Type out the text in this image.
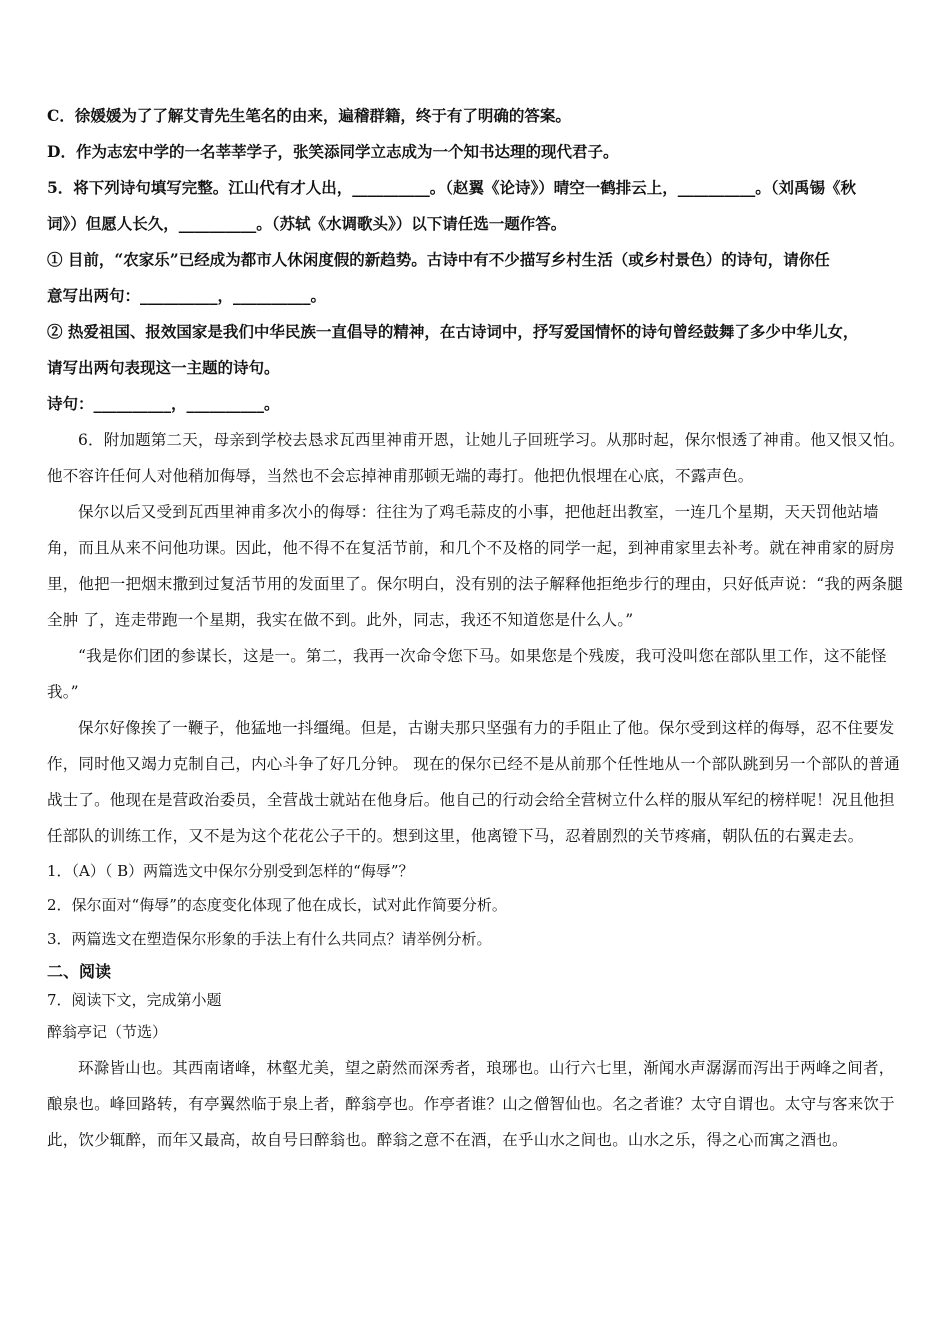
C．徐媛媛为了了解艾青先生笔名的由来，遍稽群籍，终于有了明确的答案。
D．作为志宏中学的一名莘莘学子，张笑添同学立志成为一个知书达理的现代君子。
5．将下列诗句填写完整。江山代有才人出，__________。（赵翼《论诗》）晴空一鹤排云上，__________。（刘禹锡《秋
词》）但愿人长久，__________。（苏轼《水调歌头》）以下请任选一题作答。
① 目前，“农家乐”已经成为都市人休闲度假的新趋势。古诗中有不少描写乡村生活（或乡村景色）的诗句，请你任
意写出两句：__________，__________。
② 热爱祖国、报效国家是我们中华民族一直倡导的精神，在古诗词中，抒写爱国情怀的诗句曾经鼓舞了多少中华儿女，
请写出两句表现这一主题的诗句。
诗句：__________，__________。
6．附加题第二天，母亲到学校去恳求瓦西里神甫开恩，让她儿子回班学习。从那时起，保尔恨透了神甫。他又恨又怕。他不容许任何人对他稍加侮辱，当然也不会忘掉神甫那顿无端的毒打。他把仇恨埋在心底，不露声色。
保尔以后又受到瓦西里神甫多次小的侮辱：往往为了鸡毛蒜皮的小事，把他赶出教室，一连几个星期，天天罚他站墙角，而且从来不问他功课。因此，他不得不在复活节前，和几个不及格的同学一起，到神甫家里去补考。就在神甫家的厨房里，他把一把烟末撒到过复活节用的发面里了。保尔明白，没有别的法子解释他拒绝步行的理由，只好低声说：“我的两条腿全肿 了，连走带跑一个星期，我实在做不到。此外，同志，我还不知道您是什么人。”
“我是你们团的参谋长，这是一。第二，我再一次命令您下马。如果您是个残废，我可没叫您在部队里工作，这不能怪我。”
保尔好像挨了一鞭子，他猛地一抖缰绳。但是，古谢夫那只坚强有力的手阻止了他。保尔受到这样的侮辱，忍不住要发作，同时他又竭力克制自己，内心斗争了好几分钟。 现在的保尔已经不是从前那个任性地从一个部队跳到另一个部队的普通战士了。他现在是营政治委员，全营战士就站在他身后。他自己的行动会给全营树立什么样的服从军纪的榜样呢！况且他担任部队的训练工作，又不是为这个花花公子干的。想到这里，他离镫下马，忍着剧烈的关节疼痛，朝队伍的右翼走去。
1．（A）（ B）两篇选文中保尔分别受到怎样的“侮辱”？
2．保尔面对“侮辱”的态度变化体现了他在成长，试对此作简要分析。
3．两篇选文在塑造保尔形象的手法上有什么共同点？请举例分析。
二、阅读
7．阅读下文，完成第小题
醉翁亭记（节选）
环滁皆山也。其西南诸峰，林壑尤美，望之蔚然而深秀者，琅琊也。山行六七里，渐闻水声潺潺而泻出于两峰之间者，酿泉也。峰回路转，有亭翼然临于泉上者，醉翁亭也。作亭者谁？山之僧智仙也。名之者谁？太守自谓也。太守与客来饮于此，饮少辄醉，而年又最高，故自号曰醉翁也。醉翁之意不在酒，在乎山水之间也。山水之乐，得之心而寓之酒也。
